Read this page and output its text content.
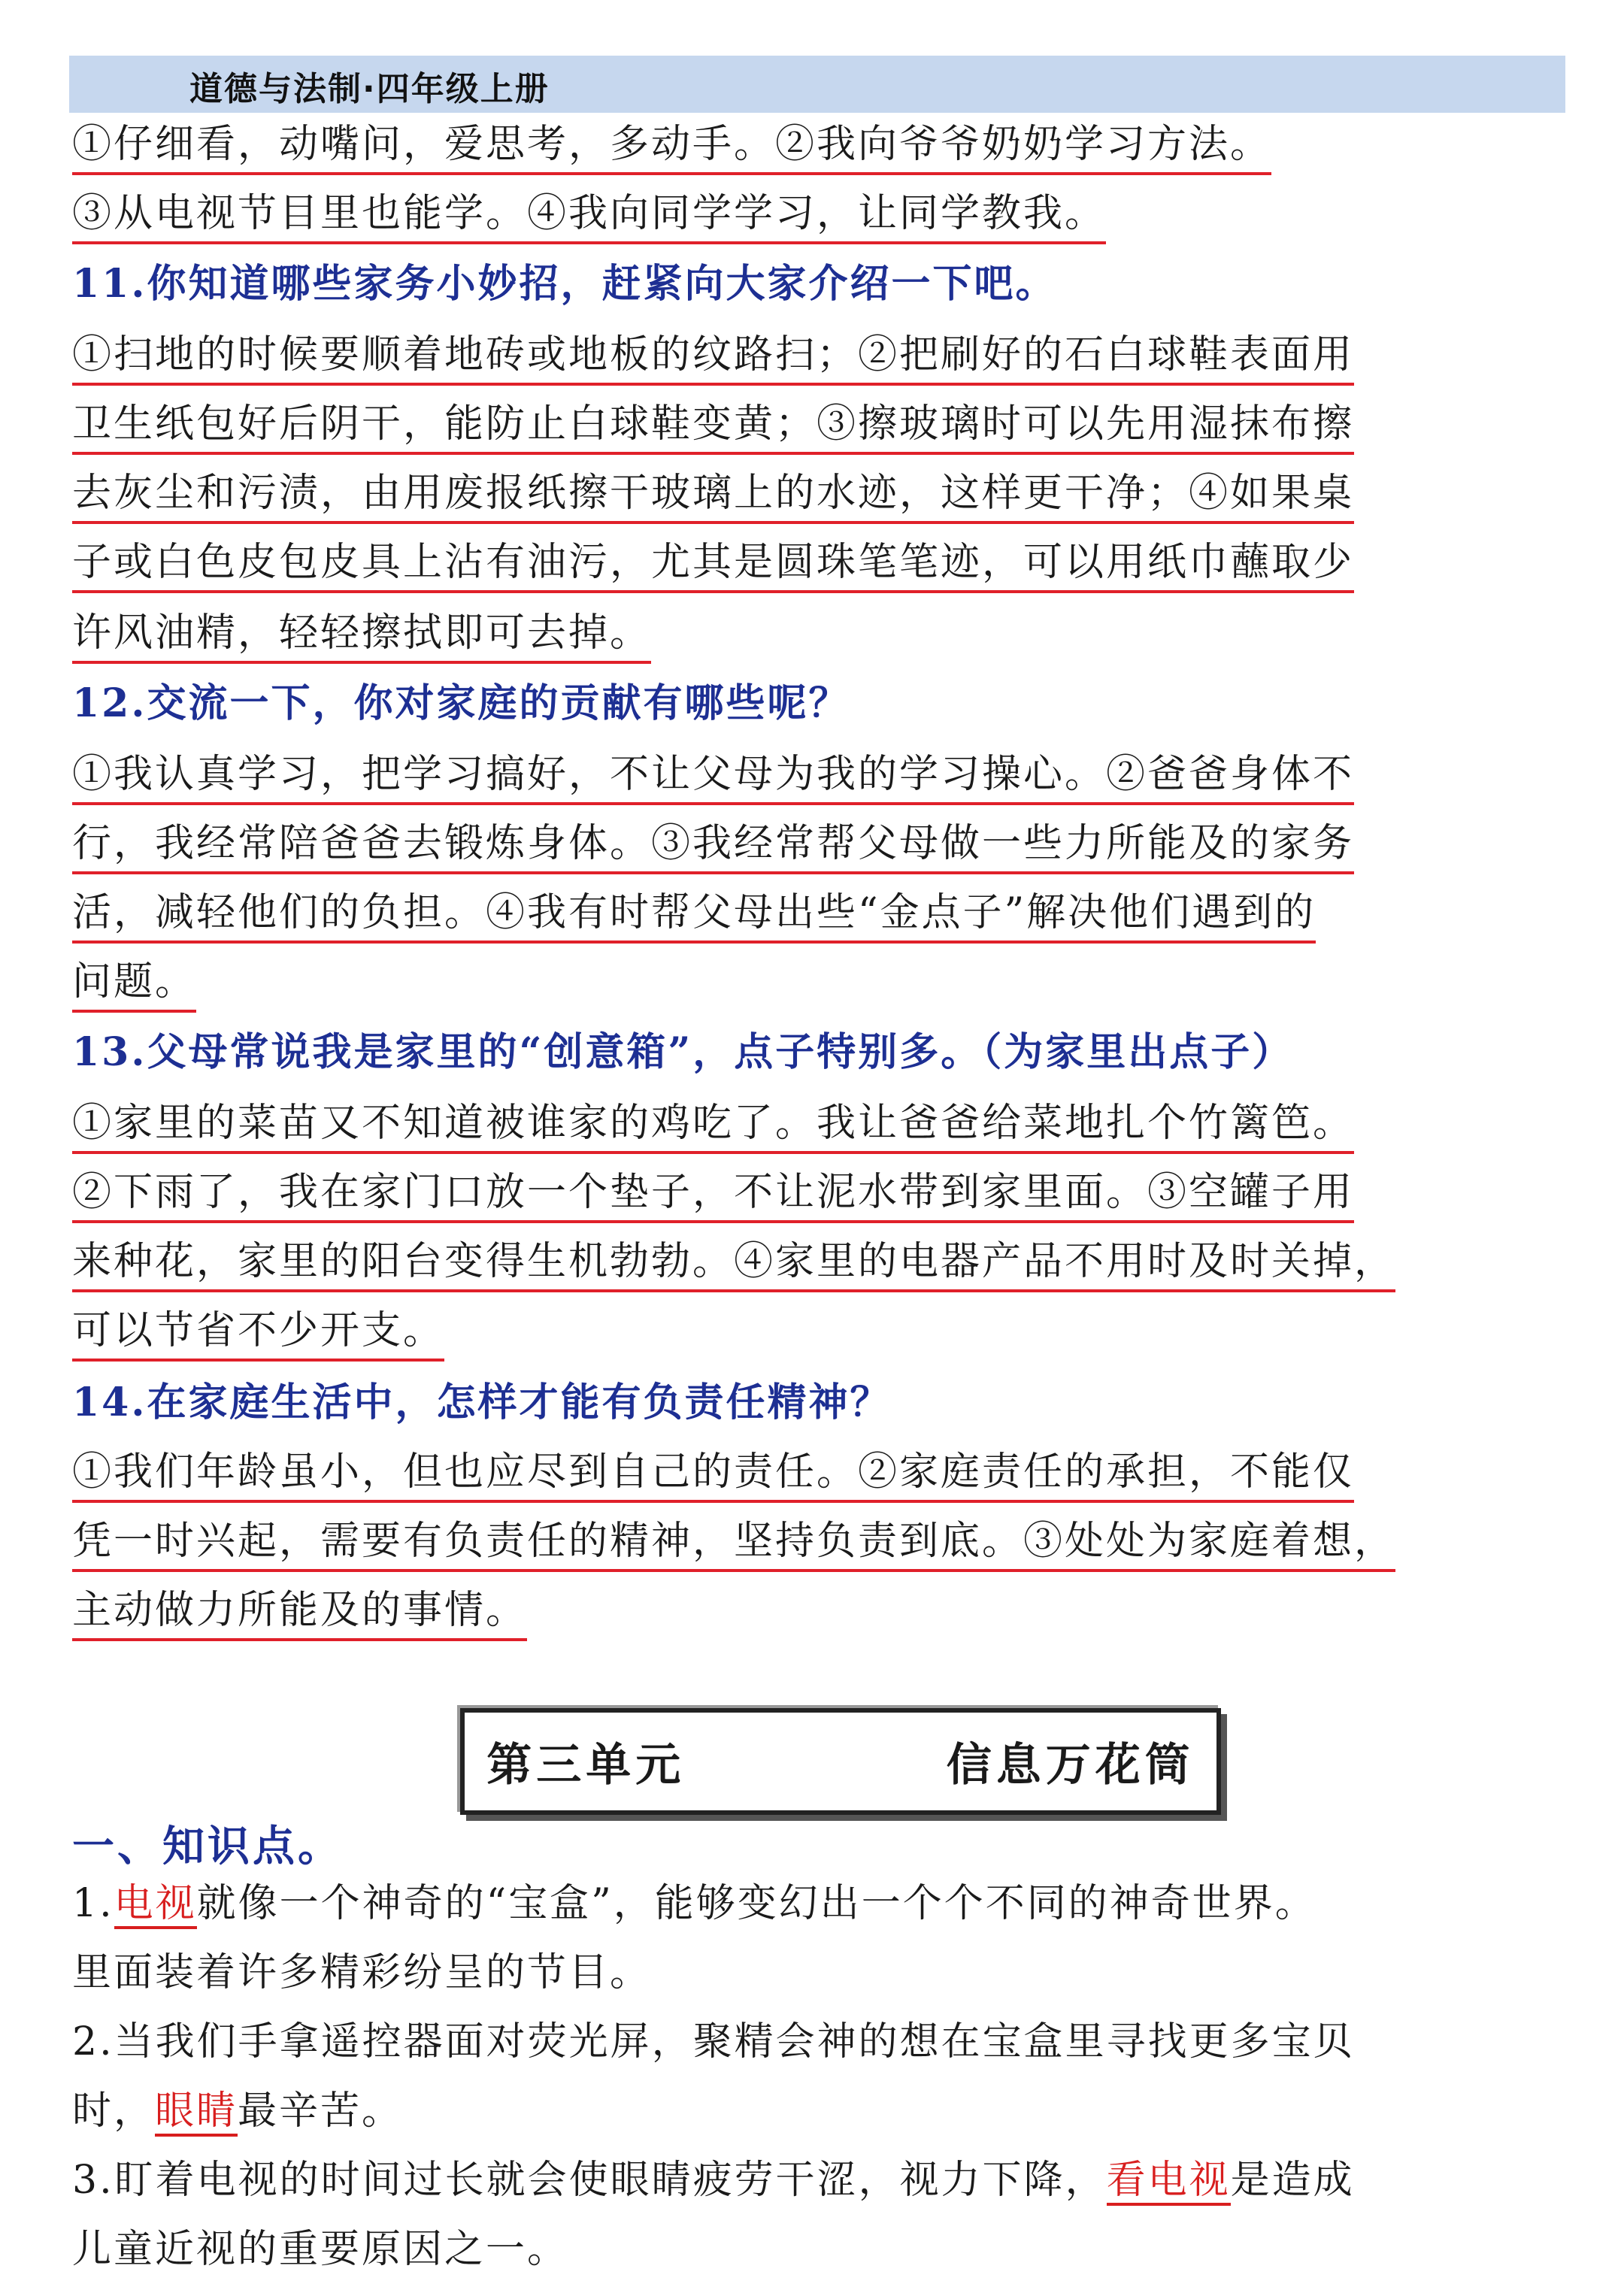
道德与法制·四年级上册
①仔细看，动嘴问，爱思考，多动手。②我向爷爷奶奶学习方法。
③从电视节目里也能学。④我向同学学习，让同学教我。
11.你知道哪些家务小妙招，赶紧向大家介绍一下吧。
①扫地的时候要顺着地砖或地板的纹路扫；②把刷好的石白球鞋表面用
卫生纸包好后阴干，能防止白球鞋变黄；③擦玻璃时可以先用湿抹布擦
去灰尘和污渍，由用废报纸擦干玻璃上的水迹，这样更干净；④如果桌
子或白色皮包皮具上沾有油污，尤其是圆珠笔笔迹，可以用纸巾蘸取少
许风油精，轻轻擦拭即可去掉。
12.交流一下，你对家庭的贡献有哪些呢？
①我认真学习，把学习搞好，不让父母为我的学习操心。②爸爸身体不
行，我经常陪爸爸去锻炼身体。③我经常帮父母做一些力所能及的家务
活，减轻他们的负担。④我有时帮父母出些“金点子”解决他们遇到的
问题。
13.父母常说我是家里的“创意箱”，点子特别多。（为家里出点子）
①家里的菜苗又不知道被谁家的鸡吃了。我让爸爸给菜地扎个竹篱笆。
②下雨了，我在家门口放一个垫子，不让泥水带到家里面。③空罐子用
来种花，家里的阳台变得生机勃勃。④家里的电器产品不用时及时关掉，
可以节省不少开支。
14.在家庭生活中，怎样才能有负责任精神？
①我们年龄虽小，但也应尽到自己的责任。②家庭责任的承担，不能仅
凭一时兴起，需要有负责任的精神，坚持负责到底。③处处为家庭着想，
主动做力所能及的事情。
第三单元    信息万花筒
一、知识点。
1.电视就像一个神奇的“宝盒”，能够变幻出一个个不同的神奇世界。
里面装着许多精彩纷呈的节目。
2.当我们手拿遥控器面对荧光屏，聚精会神的想在宝盒里寻找更多宝贝
时，眼睛最辛苦。
3.盯着电视的时间过长就会使眼睛疲劳干涩，视力下降，看电视是造成
儿童近视的重要原因之一。
